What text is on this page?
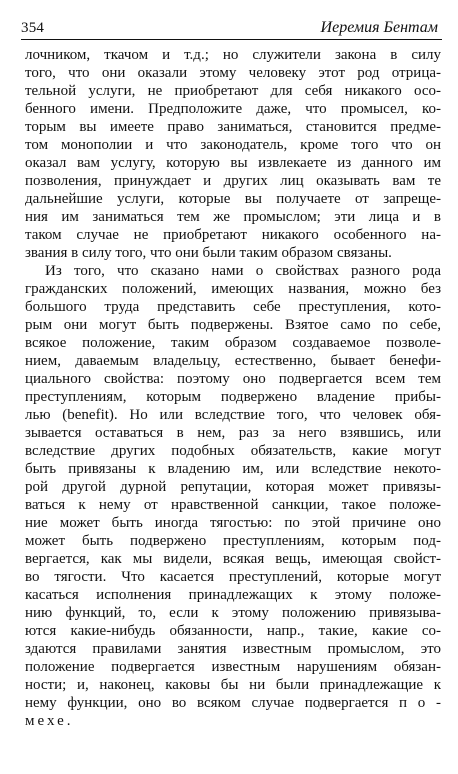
354	Иеремия Бентам
лочником, ткачом и т.д.; но служители закона в силу
того, что они оказали этому человеку этот род отрица-
тельной услуги, не приобретают для себя никакого осо-
бенного имени. Предположите даже, что промысел, ко-
торым вы имеете право заниматься, становится предме-
том монополии и что законодатель, кроме того что он
оказал вам услугу, которую вы извлекаете из данного им
позволения, принуждает и других лиц оказывать вам те
дальнейшие услуги, которые вы получаете от запреще-
ния им заниматься тем же промыслом; эти лица и в
таком случае не приобретают никакого особенного на-
звания в силу того, что они были таким образом связаны.
Из того, что сказано нами о свойствах разного рода
гражданских положений, имеющих названия, можно без
большого труда представить себе преступления, кото-
рым они могут быть подвержены. Взятое само по себе,
всякое положение, таким образом создаваемое позволе-
нием, даваемым владельцу, естественно, бывает бенефи-
циального свойства: поэтому оно подвергается всем тем
преступлениям, которым подвержено владение прибы-
лью (benefit). Но или вследствие того, что человек обя-
зывается оставаться в нем, раз за него взявшись, или
вследствие других подобных обязательств, какие могут
быть привязаны к владению им, или вследствие некото-
рой другой дурной репутации, которая может привязы-
ваться к нему от нравственной санкции, такое положе-
ние может быть иногда тягостью: по этой причине оно
может быть подвержено преступлениям, которым под-
вергается, как мы видели, всякая вещь, имеющая свойст-
во тягости. Что касается преступлений, которые могут
касаться исполнения принадлежащих к этому положе-
нию функций, то, если к этому положению привязыва-
ются какие-нибудь обязанности, напр., такие, какие со-
здаются правилами занятия известным промыслом, это
положение подвергается известным нарушениям обязан-
ности; и, наконец, каковы бы ни были принадлежащие к
нему функции, оно во всяком случае подвергается п о -
мехе.
